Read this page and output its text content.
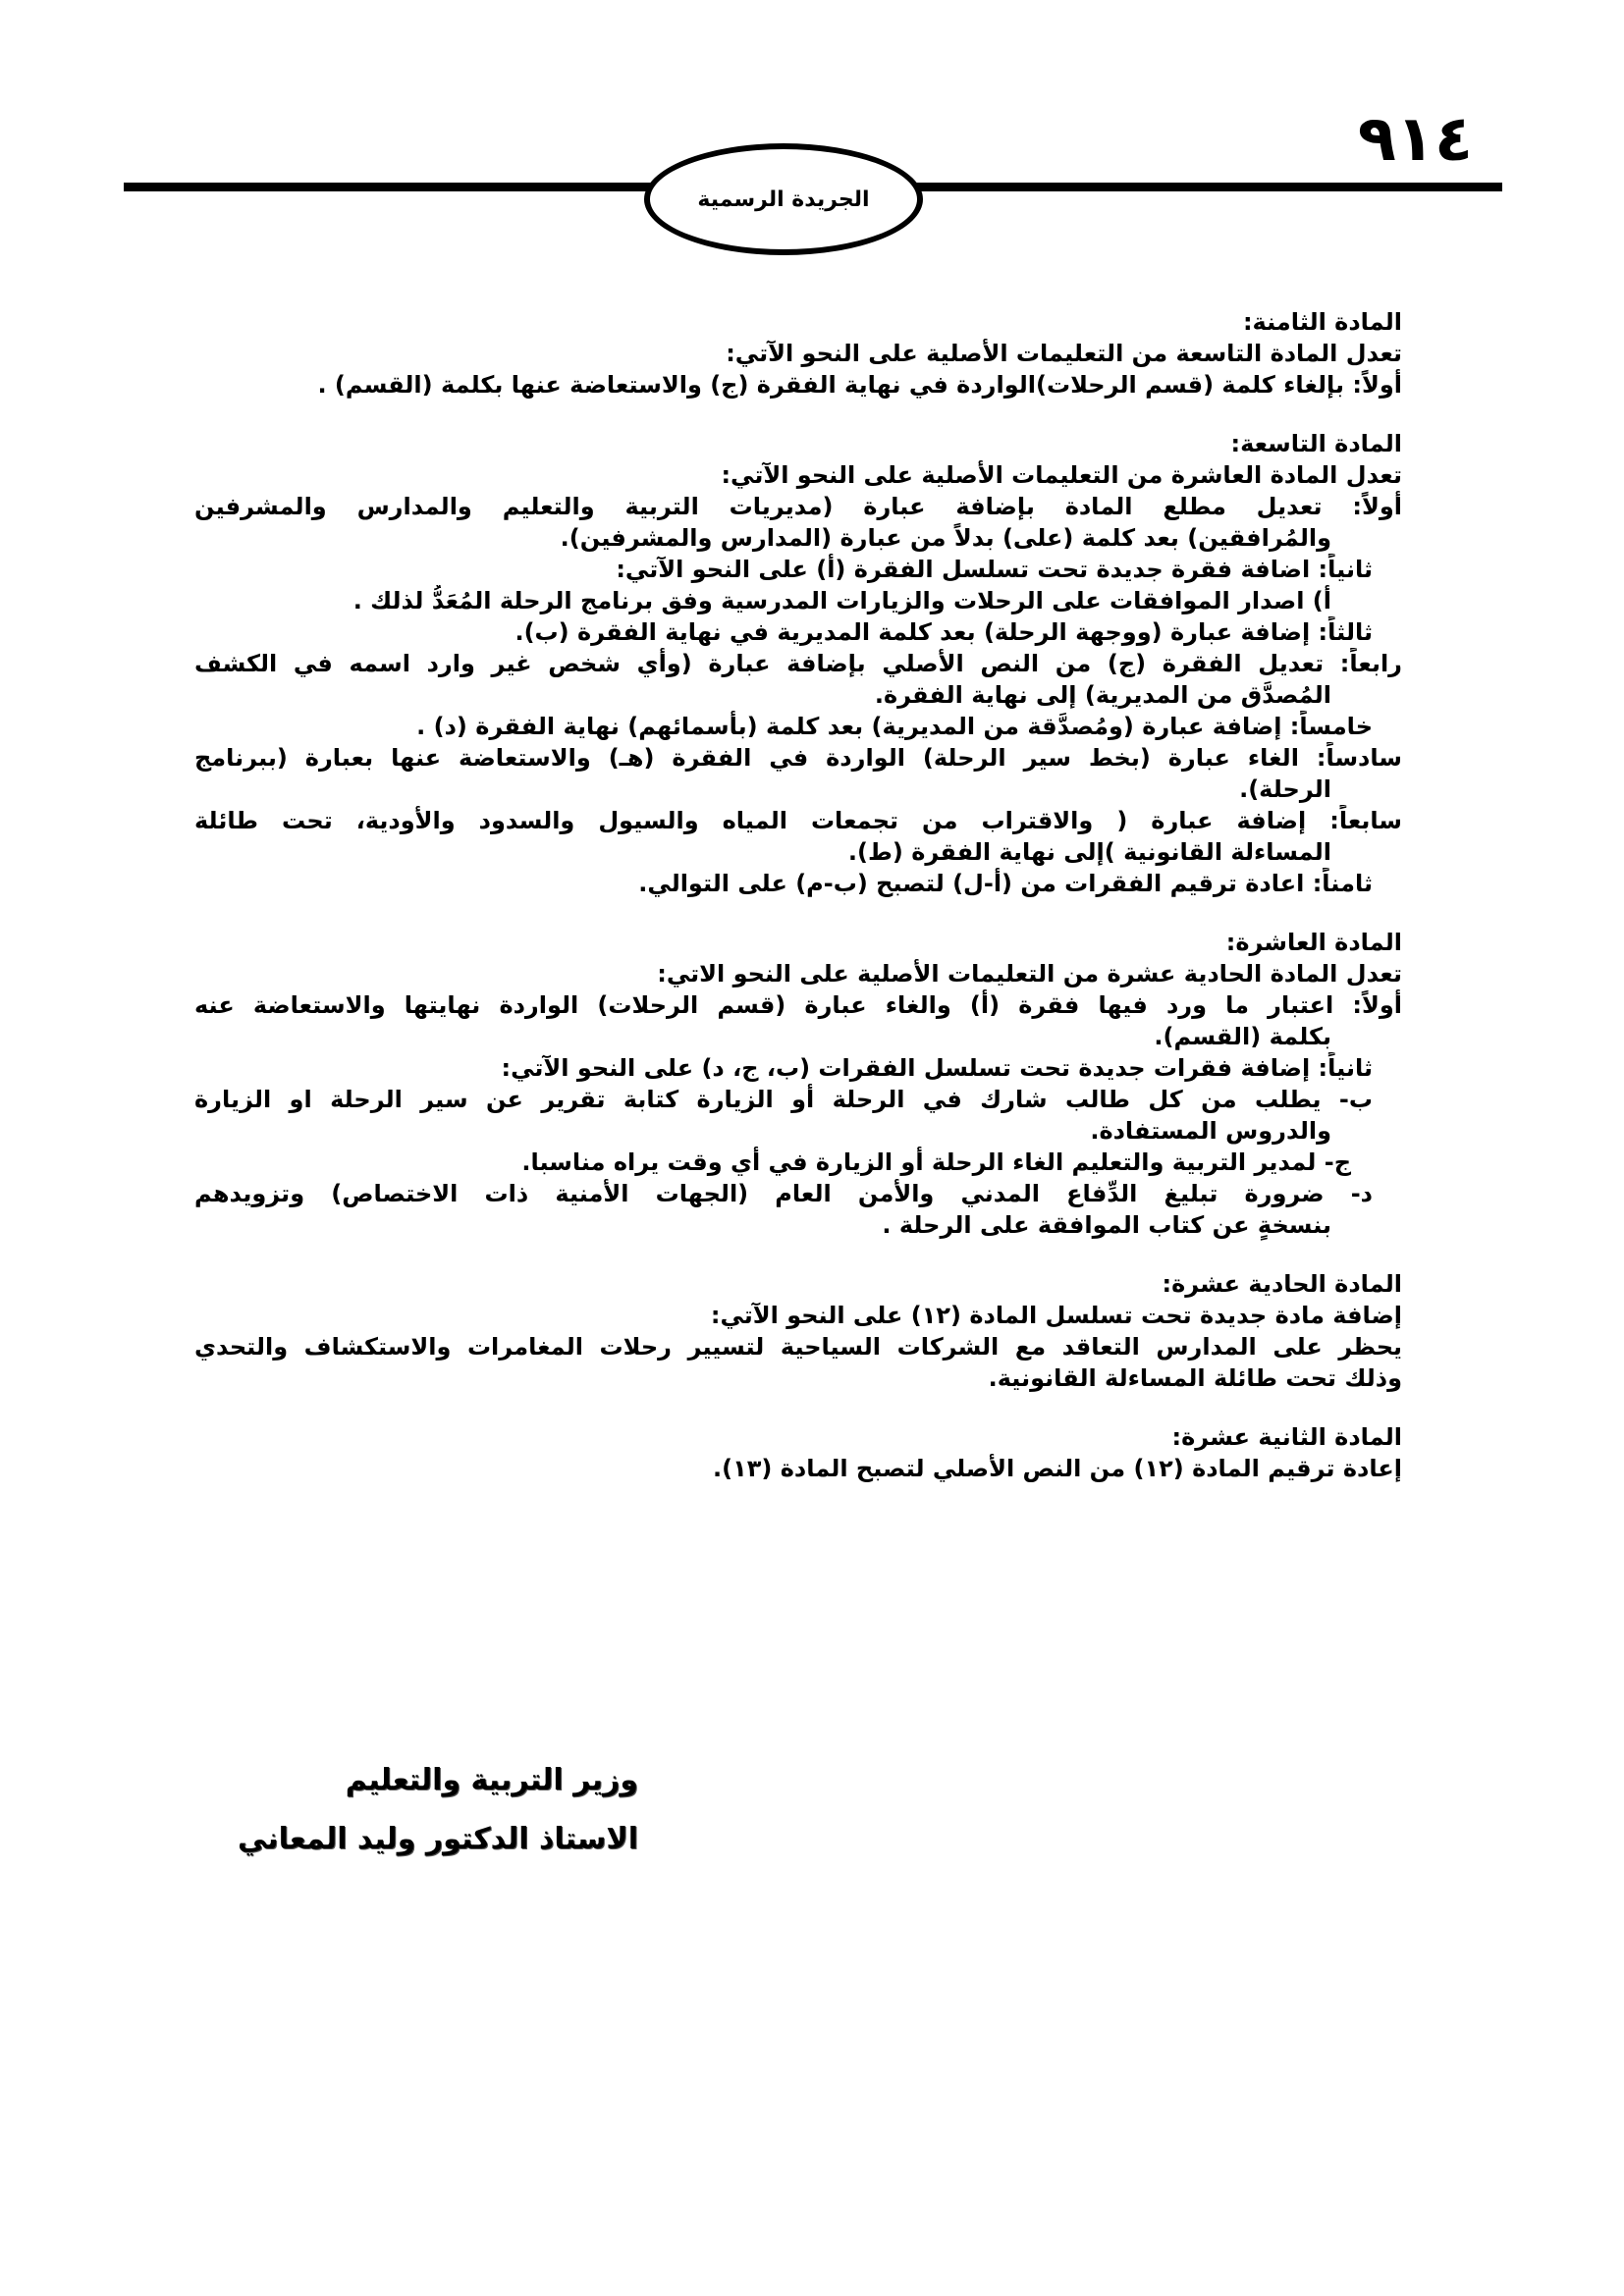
٩١٤
الجريدة الرسمية
المادة الثامنة:
تعدل المادة التاسعة من التعليمات الأصلية على النحو الآتي:
أولاً: بإلغاء كلمة (قسم الرحلات)الواردة في نهاية الفقرة (ج) والاستعاضة عنها بكلمة (القسم) .
المادة التاسعة:
تعدل المادة العاشرة من التعليمات الأصلية على النحو الآتي:
أولاً: تعديل مطلع المادة بإضافة عبارة (مديريات التربية والتعليم والمدارس والمشرفين
والمُرافقين) بعد كلمة (على) بدلاً من عبارة (المدارس والمشرفين).
ثانياً: اضافة فقرة جديدة تحت تسلسل الفقرة (أ) على النحو الآتي:
أ) اصدار الموافقات على الرحلات والزيارات المدرسية وفق برنامج الرحلة المُعَدُّ لذلك .
ثالثاً: إضافة عبارة (ووجهة الرحلة) بعد كلمة المديرية في نهاية الفقرة (ب).
رابعاً: تعديل الفقرة (ج) من النص الأصلي بإضافة عبارة (وأي شخص غير وارد اسمه في الكشف
المُصدَّق من المديرية) إلى نهاية الفقرة.
خامساً: إضافة عبارة (ومُصدَّقة من المديرية) بعد كلمة (بأسمائهم) نهاية الفقرة (د) .
سادساً: الغاء عبارة (بخط سير الرحلة) الواردة في الفقرة (هـ) والاستعاضة عنها بعبارة (ببرنامج
الرحلة).
سابعاً: إضافة عبارة ( والاقتراب من تجمعات المياه والسيول والسدود والأودية، تحت طائلة
المساءلة القانونية )إلى نهاية الفقرة (ط).
ثامناً: اعادة ترقيم الفقرات من (أ-ل) لتصبح (ب-م) على التوالي.
المادة العاشرة:
تعدل المادة الحادية عشرة من التعليمات الأصلية على النحو الاتي:
أولاً: اعتبار ما ورد فيها فقرة (أ) والغاء عبارة (قسم الرحلات) الواردة نهايتها والاستعاضة عنه
بكلمة (القسم).
ثانياً: إضافة فقرات جديدة تحت تسلسل الفقرات (ب، ج، د) على النحو الآتي:
ب- يطلب من كل طالب شارك في الرحلة أو الزيارة كتابة تقرير عن سير الرحلة او الزيارة
والدروس المستفادة.
ج- لمدير التربية والتعليم الغاء الرحلة أو الزيارة في أي وقت يراه مناسبا.
د- ضرورة تبليغ الدِّفاع المدني والأمن العام (الجهات الأمنية ذات الاختصاص) وتزويدهم
بنسخةٍ عن كتاب الموافقة على الرحلة .
المادة الحادية عشرة:
إضافة مادة جديدة تحت تسلسل المادة (١٢) على النحو الآتي:
يحظر على المدارس التعاقد مع الشركات السياحية لتسيير رحلات المغامرات والاستكشاف والتحدي
وذلك تحت طائلة المساءلة القانونية.
المادة الثانية عشرة:
إعادة ترقيم المادة (١٢) من النص الأصلي لتصبح المادة (١٣).
وزير التربية والتعليم
الاستاذ الدكتور وليد المعاني
